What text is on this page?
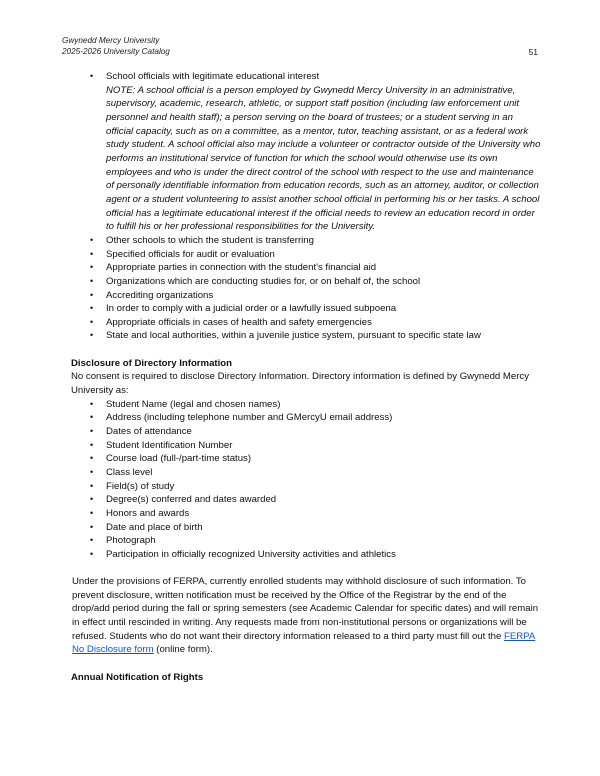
Gwynedd Mercy University
2025-2026 University Catalog	51
• School officials with legitimate educational interest
NOTE: A school official is a person employed by Gwynedd Mercy University in an administrative, supervisory, academic, research, athletic, or support staff position (including law enforcement unit personnel and health staff); a person serving on the board of trustees; or a student serving in an official capacity, such as on a committee, as a mentor, tutor, teaching assistant, or as a federal work study student. A school official also may include a volunteer or contractor outside of the University who performs an institutional service of function for which the school would otherwise use its own employees and who is under the direct control of the school with respect to the use and maintenance of personally identifiable information from education records, such as an attorney, auditor, or collection agent or a student volunteering to assist another school official in performing his or her tasks. A school official has a legitimate educational interest if the official needs to review an education record in order to fulfill his or her professional responsibilities for the University.
• Other schools to which the student is transferring
• Specified officials for audit or evaluation
• Appropriate parties in connection with the student's financial aid
• Organizations which are conducting studies for, or on behalf of, the school
• Accrediting organizations
• In order to comply with a judicial order or a lawfully issued subpoena
• Appropriate officials in cases of health and safety emergencies
• State and local authorities, within a juvenile justice system, pursuant to specific state law
Disclosure of Directory Information

No consent is required to disclose Directory Information. Directory information is defined by Gwynedd Mercy University as:

• Student Name (legal and chosen names)
• Address (including telephone number and GMercyU email address)
• Dates of attendance
• Student Identification Number
• Course load (full-/part-time status)
• Class level
• Field(s) of study
• Degree(s) conferred and dates awarded
• Honors and awards
• Date and place of birth
• Photograph
• Participation in officially recognized University activities and athletics

Under the provisions of FERPA, currently enrolled students may withhold disclosure of such information. To prevent disclosure, written notification must be received by the Office of the Registrar by the end of the drop/add period during the fall or spring semesters (see Academic Calendar for specific dates) and will remain in effect until rescinded in writing. Any requests made from non-institutional persons or organizations will be refused. Students who do not want their directory information released to a third party must fill out the FERPA No Disclosure form (online form).

Annual Notification of Rights
